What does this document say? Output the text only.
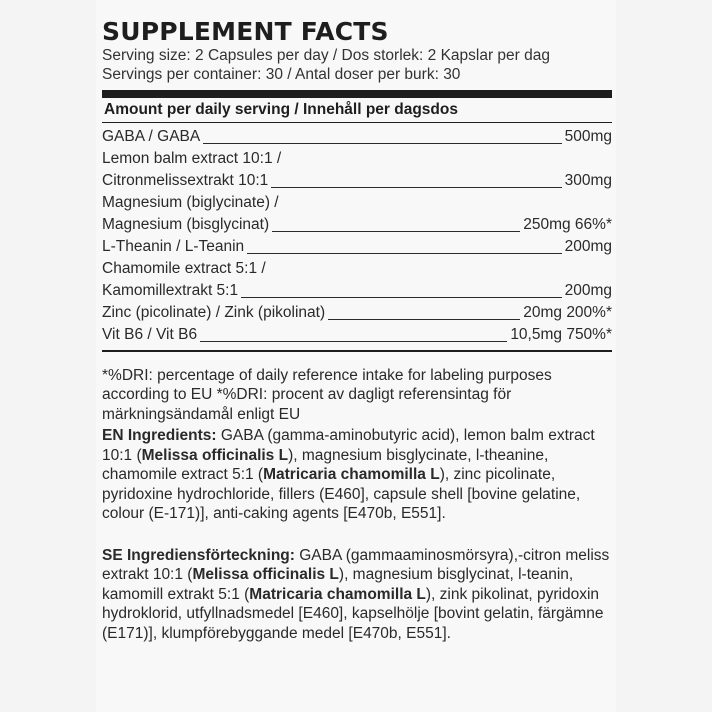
SUPPLEMENT FACTS
Serving size: 2 Capsules per day / Dos storlek: 2 Kapslar per dag
Servings per container: 30 / Antal doser per burk: 30
Amount per daily serving / Innehåll per dagsdos
GABA / GABA	500mg
Lemon balm extract 10:1 /
Citronmelissextrakt 10:1	300mg
Magnesium (biglycinate) /
Magnesium (bisglycinat)	250mg 66%*
L-Theanin / L-Teanin	200mg
Chamomile extract 5:1 /
Kamomillextrakt 5:1	200mg
Zinc (picolinate) / Zink (pikolinat)	20mg 200%*
Vit B6 / Vit B6	10,5mg 750%*
*%DRI: percentage of daily reference intake for labeling purposes according to EU *%DRI: procent av dagligt referensintag för märkningsändamål enligt EU
EN Ingredients: GABA (gamma-aminobutyric acid), lemon balm extract 10:1 (Melissa officinalis L), magnesium bisglycinate, l-theanine, chamomile extract 5:1 (Matricaria chamomilla L), zinc picolinate, pyridoxine hydrochloride, fillers (E460], capsule shell [bovine gelatine, colour (E-171)], anti-caking agents [E470b, E551].
SE Ingrediensförteckning: GABA (gammaaminosmörsyra),-citron meliss extrakt 10:1 (Melissa officinalis L), magnesium bisglycinat, l-teanin, kamomill extrakt 5:1 (Matricaria chamomilla L), zink pikolinat, pyridoxin hydroklorid, utfyllnadsmedel [E460], kapselhölje [bovint gelatin, färgämne (E171)], klumpförebyggande medel [E470b, E551].
